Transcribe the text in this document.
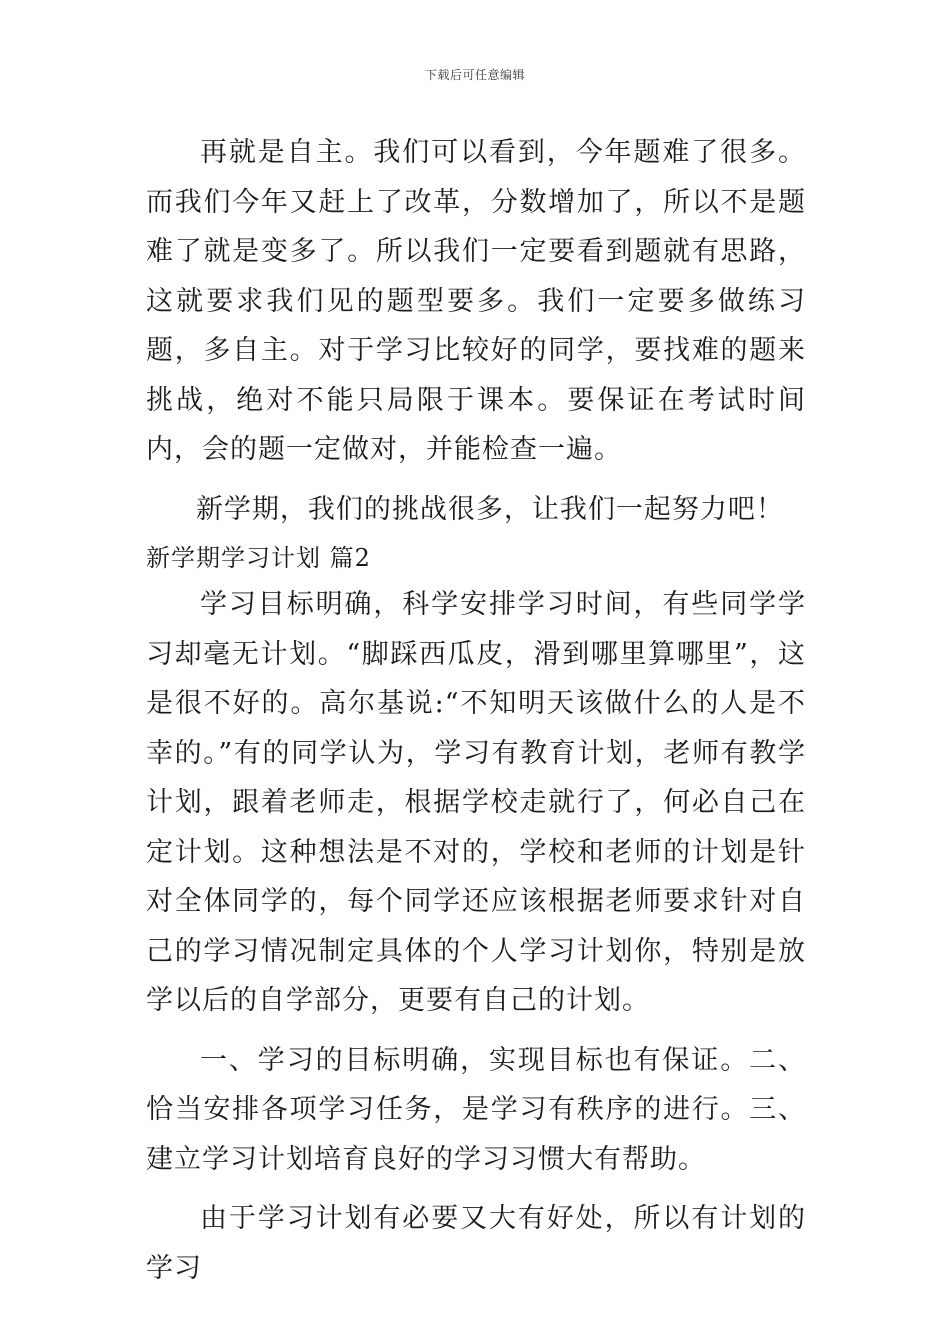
下载后可任意编辑

再就是自主。我们可以看到，今年题难了很多。而我们今年又赶上了改革，分数增加了，所以不是题难了就是变多了。所以我们一定要看到题就有思路，这就要求我们见的题型要多。我们一定要多做练习题，多自主。对于学习比较好的同学，要找难的题来挑战，绝对不能只局限于课本。要保证在考试时间内，会的题一定做对，并能检查一遍。

新学期，我们的挑战很多，让我们一起努力吧！

新学期学习计划 篇2

学习目标明确，科学安排学习时间，有些同学学习却毫无计划。“脚踩西瓜皮，滑到哪里算哪里”，这是很不好的。高尔基说:“不知明天该做什么的人是不幸的。”有的同学认为，学习有教育计划，老师有教学计划，跟着老师走，根据学校走就行了，何必自己在定计划。这种想法是不对的，学校和老师的计划是针对全体同学的，每个同学还应该根据老师要求针对自己的学习情况制定具体的个人学习计划你，特别是放学以后的自学部分，更要有自己的计划。

一、学习的目标明确，实现目标也有保证。二、恰当安排各项学习任务，是学习有秩序的进行。三、建立学习计划培育良好的学习习惯大有帮助。

由于学习计划有必要又大有好处，所以有计划的学习
